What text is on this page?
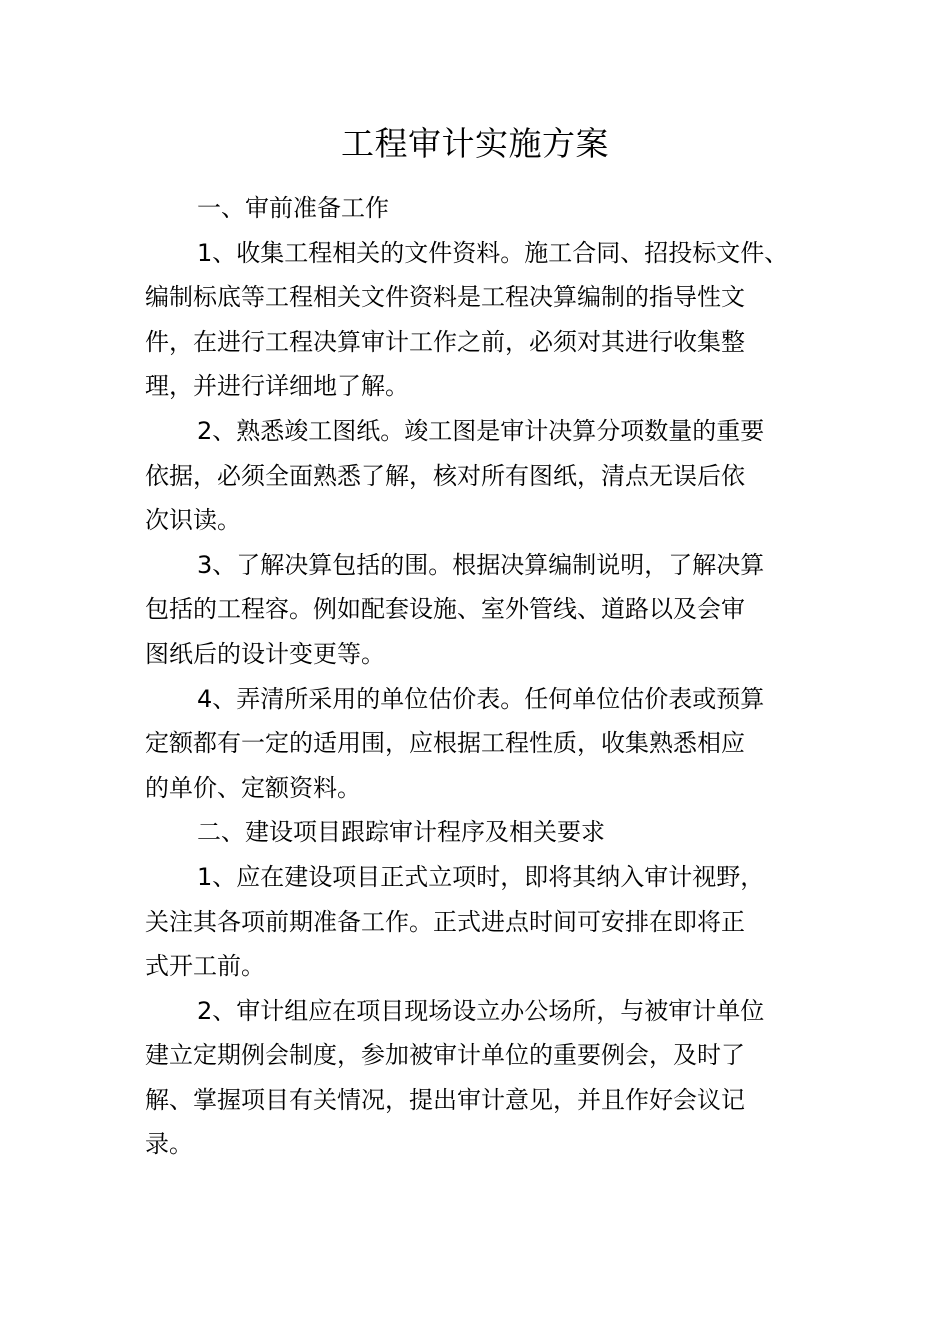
工程审计实施方案

一、审前准备工作

1、收集工程相关的文件资料。施工合同、招投标文件、
编制标底等工程相关文件资料是工程决算编制的指导性文
件，在进行工程决算审计工作之前，必须对其进行收集整
理，并进行详细地了解。

2、熟悉竣工图纸。竣工图是审计决算分项数量的重要
依据，必须全面熟悉了解，核对所有图纸，清点无误后依
次识读。

3、了解决算包括的围。根据决算编制说明，了解决算
包括的工程容。例如配套设施、室外管线、道路以及会审
图纸后的设计变更等。

4、弄清所采用的单位估价表。任何单位估价表或预算
定额都有一定的适用围，应根据工程性质，收集熟悉相应
的单价、定额资料。

二、建设项目跟踪审计程序及相关要求

1、应在建设项目正式立项时，即将其纳入审计视野，
关注其各项前期准备工作。正式进点时间可安排在即将正
式开工前。

2、审计组应在项目现场设立办公场所，与被审计单位
建立定期例会制度，参加被审计单位的重要例会，及时了
解、掌握项目有关情况，提出审计意见，并且作好会议记
录。
